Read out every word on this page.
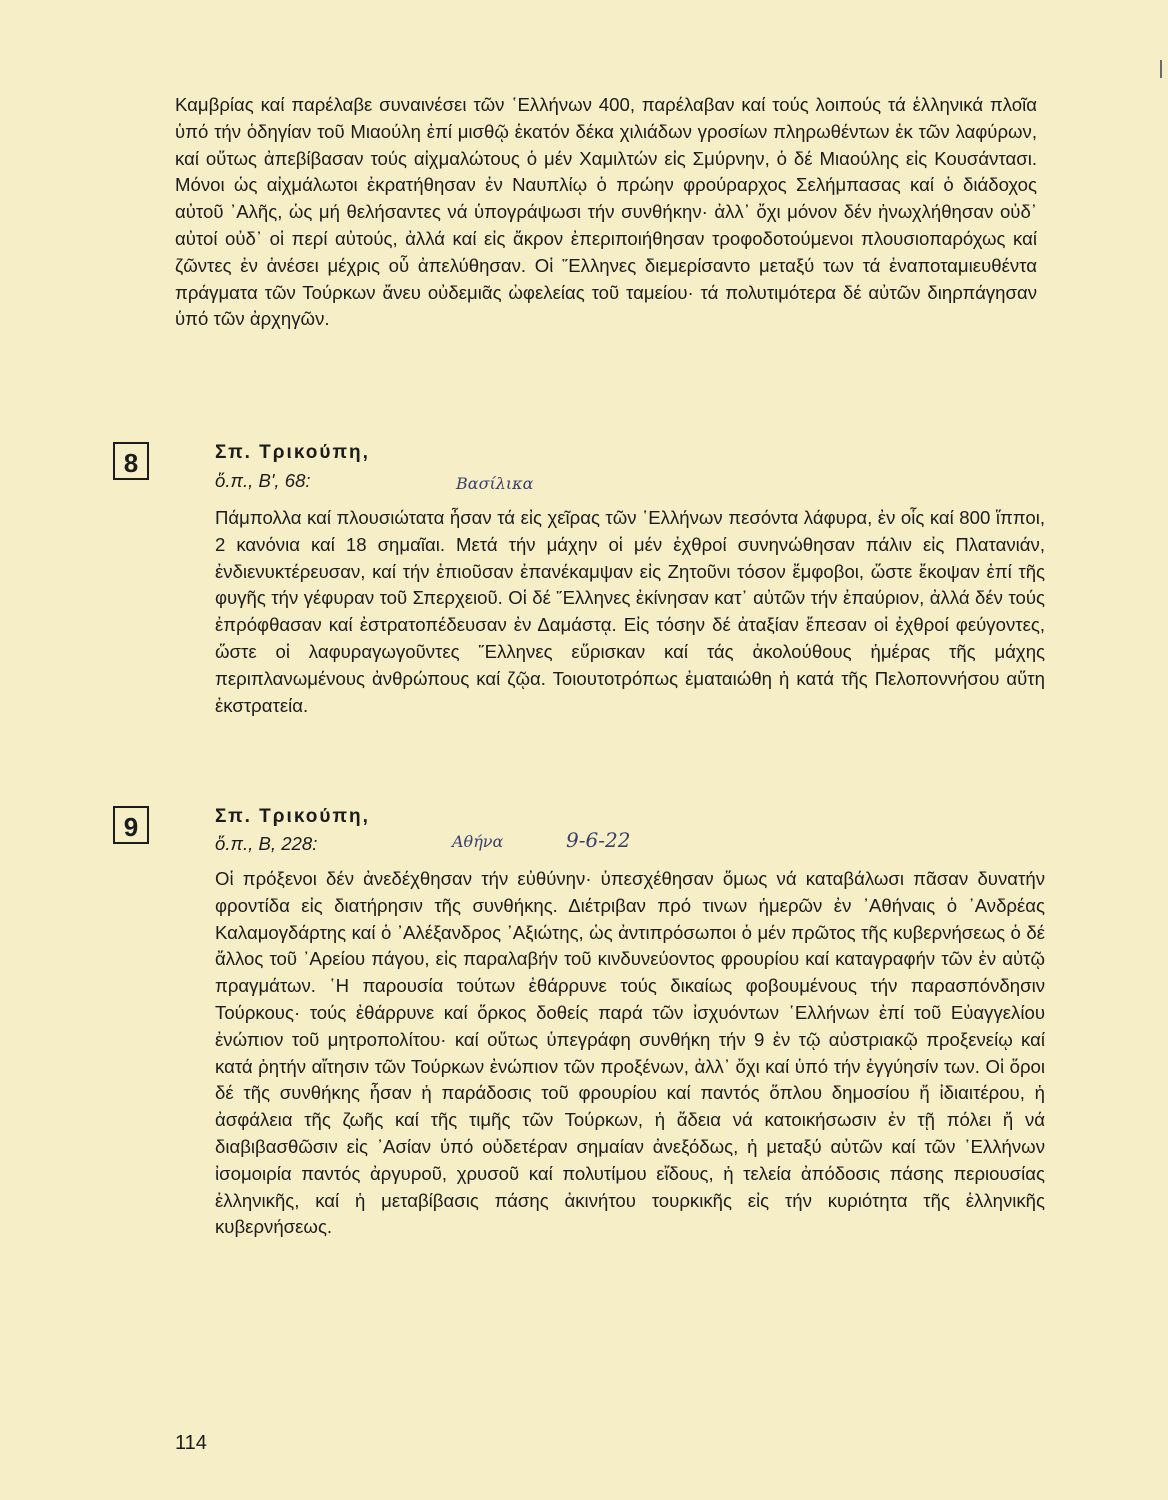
Καμβρίας καί παρέλαβε συναινέσει τῶν ῾Ελλήνων 400, παρέλαβαν καί τούς λοιπούς τά ἑλληνικά πλοῖα ὑπό τήν ὁδηγίαν τοῦ Μιαούλη ἐπί μισθῷ ἑκατόν δέκα χιλιάδων γροσίων πληρωθέντων ἐκ τῶν λαφύρων, καί οὕτως ἀπεβίβασαν τούς αἰχμαλώτους ὁ μέν Χαμιλτών εἰς Σμύρνην, ὁ δέ Μιαούλης εἰς Κουσάντασι. Μόνοι ὡς αἰχμάλωτοι ἐκρατήθησαν ἐν Ναυπλίῳ ὁ πρώην φρούραρχος Σελήμπασας καί ὁ διάδοχος αὐτοῦ ᾿Αλῆς, ὡς μή θελήσαντες νά ὑπογράψωσι τήν συνθήκην· ἀλλ᾽ ὄχι μόνον δέν ἠνωχλήθησαν οὐδ᾽ αὐτοί οὐδ᾽ οἱ περί αὐτούς, ἀλλά καί εἰς ἄκρον ἐπεριποιήθησαν τροφοδοτούμενοι πλουσιοπαρόχως καί ζῶντες ἐν ἀνέσει μέχρις οὗ ἀπελύθησαν. Οἱ ῞Ελληνες διεμερίσαντο μεταξύ των τά ἐναποταμιευθέντα πράγματα τῶν Τούρκων ἄνευ οὐδεμιᾶς ὠφελείας τοῦ ταμείου· τά πολυτιμότερα δέ αὐτῶν διηρπάγησαν ὑπό τῶν ἀρχηγῶν.

8	Σπ. Τρικούπη,

ὅ.π., Β', 68:	Βασίλικα

Πάμπολλα καί πλουσιώτατα ἦσαν τά εἰς χεῖρας τῶν ῾Ελλήνων πεσόντα λάφυρα, ἐν οἷς καί 800 ἵπποι, 2 κανόνια καί 18 σημαῖαι. Μετά τήν μάχην οἱ μέν ἐχθροί συνηνώθησαν πάλιν εἰς Πλατανιάν, ἐνδιενυκτέρευσαν, καί τήν ἐπιοῦσαν ἐπανέκαμψαν εἰς Ζητοῦνι τόσον ἔμφοβοι, ὥστε ἔκοψαν ἐπί τῆς φυγῆς τήν γέφυραν τοῦ Σπερχειοῦ. Οἱ δέ ῞Ελληνες ἐκίνησαν κατ᾽ αὐτῶν τήν ἐπαύριον, ἀλλά δέν τούς ἐπρόφθασαν καί ἐστρατοπέδευσαν ἐν Δαμάστᾳ. Εἰς τόσην δέ ἀταξίαν ἔπεσαν οἱ ἐχθροί φεύγοντες, ὥστε οἱ λαφυραγωγοῦντες ῞Ελληνες εὕρισκαν καί τάς ἀκολούθους ἡμέρας τῆς μάχης περιπλανωμένους ἀνθρώπους καί ζῷα. Τοιουτοτρόπως ἐματαιώθη ἡ κατά τῆς Πελοποννήσου αὕτη ἐκστρατεία.

9	Σπ. Τρικούπη,

ὅ.π., Β, 228:	Αθήνα	9-6-22

Οἱ πρόξενοι δέν ἀνεδέχθησαν τήν εὐθύνην· ὑπεσχέθησαν ὅμως νά καταβάλωσι πᾶσαν δυνατήν φροντίδα εἰς διατήρησιν τῆς συνθήκης. Διέτριβαν πρό τινων ἡμερῶν ἐν ᾿Αθήναις ὁ ᾿Ανδρέας Καλαμογδάρτης καί ὁ ᾿Αλέξανδρος ᾿Αξιώτης, ὡς ἀντιπρόσωποι ὁ μέν πρῶτος τῆς κυβερνήσεως ὁ δέ ἄλλος τοῦ ᾿Αρείου πάγου, εἰς παραλαβήν τοῦ κινδυνεύοντος φρουρίου καί καταγραφήν τῶν ἐν αὐτῷ πραγμάτων. ῾Η παρουσία τούτων ἐθάρρυνε τούς δικαίως φοβουμένους τήν παρασπόνδησιν Τούρκους· τούς ἐθάρρυνε καί ὅρκος δοθείς παρά τῶν ἰσχυόντων ῾Ελλήνων ἐπί τοῦ Εὐαγγελίου ἐνώπιον τοῦ μητροπολίτου· καί οὕτως ὑπεγράφη συνθήκη τήν 9 ἐν τῷ αὐστριακῷ προξενείῳ καί κατά ῥητήν αἴτησιν τῶν Τούρκων ἐνώπιον τῶν προξένων, ἀλλ᾽ ὄχι καί ὑπό τήν ἐγγύησίν των. Οἱ ὅροι δέ τῆς συνθήκης ἦσαν ἡ παράδοσις τοῦ φρουρίου καί παντός ὅπλου δημοσίου ἤ ἰδιαιτέρου, ἡ ἀσφάλεια τῆς ζωῆς καί τῆς τιμῆς τῶν Τούρκων, ἡ ἄδεια νά κατοικήσωσιν ἐν τῇ πόλει ἤ νά διαβιβασθῶσιν εἰς ᾿Ασίαν ὑπό οὐδετέραν σημαίαν ἀνεξόδως, ἡ μεταξύ αὐτῶν καί τῶν ῾Ελλήνων ἰσομοιρία παντός ἀργυροῦ, χρυσοῦ καί πολυτίμου εἴδους, ἡ τελεία ἀπόδοσις πάσης περιουσίας ἑλληνικῆς, καί ἡ μεταβίβασις πάσης ἀκινήτου τουρκικῆς εἰς τήν κυριότητα τῆς ἑλληνικῆς κυβερνήσεως.

114
